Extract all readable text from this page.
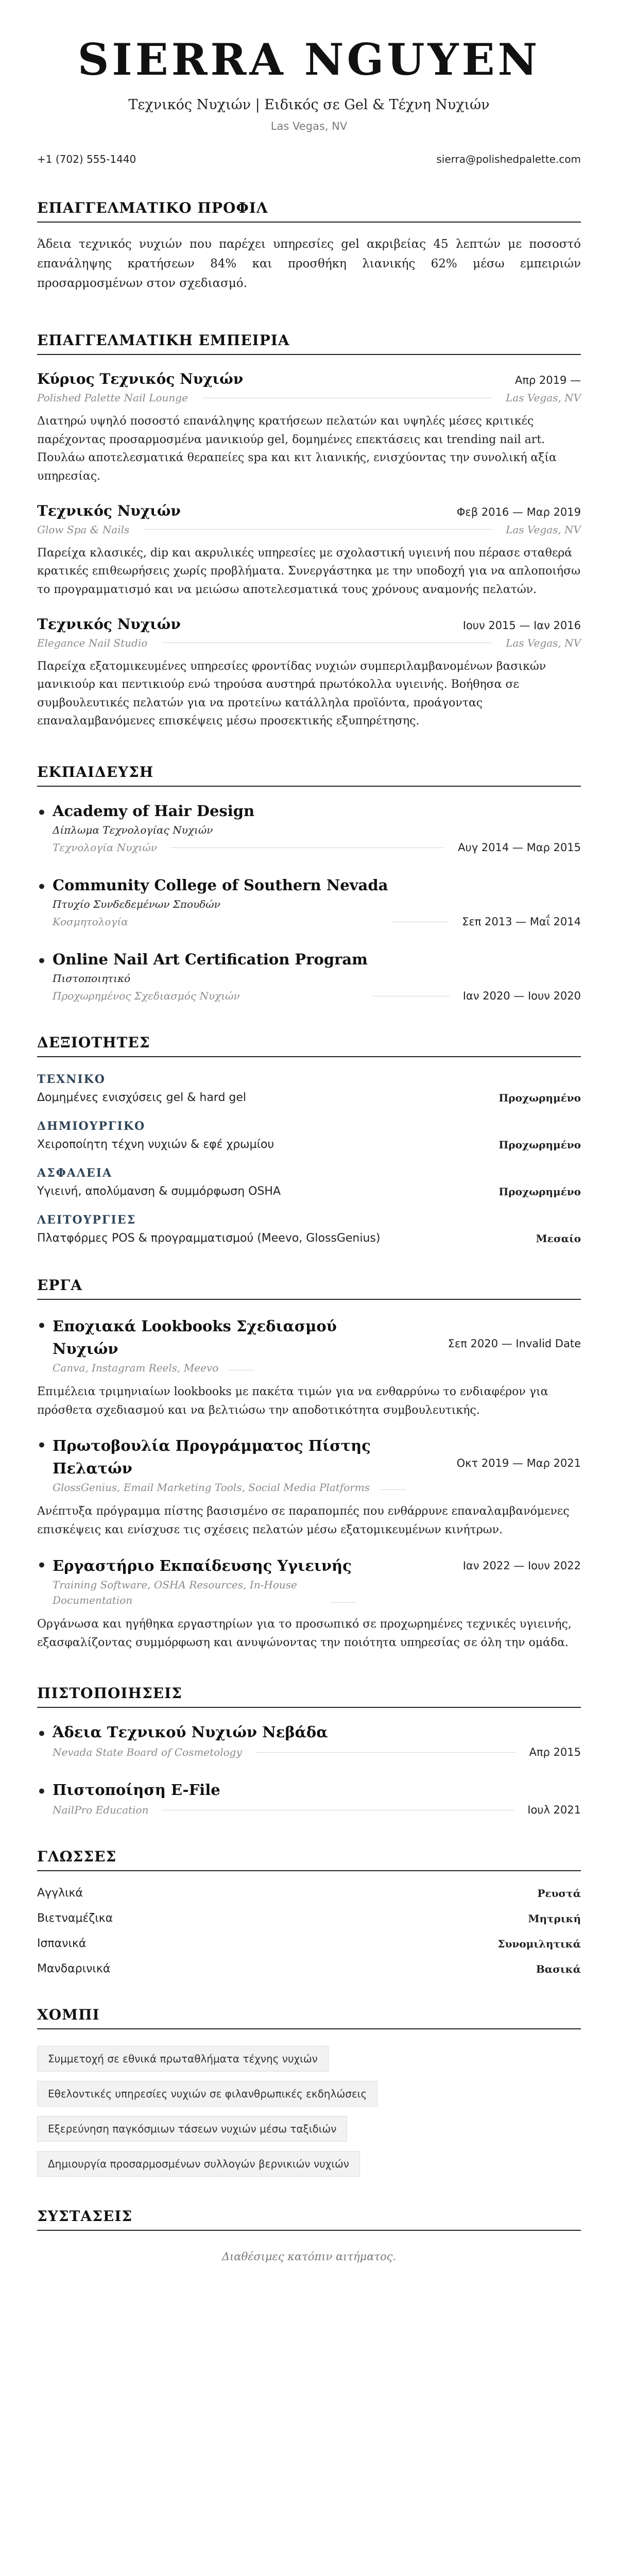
SIERRA NGUYEN
Τεχνικός Νυχιών | Ειδικός σε Gel & Τέχνη Νυχιών
Las Vegas, NV
+1 (702) 555-1440	sierra@polishedpalette.com
ΕΠΑΓΓΕΛΜΑΤΙΚΟ ΠΡΟΦΙΛ
Άδεια τεχνικός νυχιών που παρέχει υπηρεσίες gel ακριβείας 45 λεπτών με ποσοστό επανάληψης κρατήσεων 84% και προσθήκη λιανικής 62% μέσω εμπειριών προσαρμοσμένων στον σχεδιασμό.
ΕΠΑΓΓΕΛΜΑΤΙΚΗ ΕΜΠΕΙΡΙΑ
Κύριος Τεχνικός Νυχιών	Απρ 2019 —
Polished Palette Nail Lounge	Las Vegas, NV
Διατηρώ υψηλό ποσοστό επανάληψης κρατήσεων πελατών και υψηλές μέσες κριτικές παρέχοντας προσαρμοσμένα μανικιούρ gel, δομημένες επεκτάσεις και trending nail art. Πουλάω αποτελεσματικά θεραπείες spa και κιτ λιανικής, ενισχύοντας την συνολική αξία υπηρεσίας.
Τεχνικός Νυχιών	Φεβ 2016 — Μαρ 2019
Glow Spa & Nails	Las Vegas, NV
Παρείχα κλασικές, dip και ακρυλικές υπηρεσίες με σχολαστική υγιεινή που πέρασε σταθερά κρατικές επιθεωρήσεις χωρίς προβλήματα. Συνεργάστηκα με την υποδοχή για να απλοποιήσω το προγραμματισμό και να μειώσω αποτελεσματικά τους χρόνους αναμονής πελατών.
Τεχνικός Νυχιών	Ιουν 2015 — Ιαν 2016
Elegance Nail Studio	Las Vegas, NV
Παρείχα εξατομικευμένες υπηρεσίες φροντίδας νυχιών συμπεριλαμβανομένων βασικών μανικιούρ και πεντικιούρ ενώ τηρούσα αυστηρά πρωτόκολλα υγιεινής. Βοήθησα σε συμβουλευτικές πελατών για να προτείνω κατάλληλα προϊόντα, προάγοντας επαναλαμβανόμενες επισκέψεις μέσω προσεκτικής εξυπηρέτησης.
ΕΚΠΑΙΔΕΥΣΗ
• Academy of Hair Design
Δίπλωμα Τεχνολογίας Νυχιών
Τεχνολογία Νυχιών	Αυγ 2014 — Μαρ 2015
• Community College of Southern Nevada
Πτυχίο Συνδεδεμένων Σπουδών
Κοσμητολογία	Σεπ 2013 — Μαΐ 2014
• Online Nail Art Certification Program
Πιστοποιητικό
Προχωρημένος Σχεδιασμός Νυχιών	Ιαν 2020 — Ιουν 2020
ΔΕΞΙΟΤΗΤΕΣ
ΤΕΧΝΙΚΟ
Δομημένες ενισχύσεις gel & hard gel	Προχωρημένο
ΔΗΜΙΟΥΡΓΙΚΟ
Χειροποίητη τέχνη νυχιών & εφέ χρωμίου	Προχωρημένο
ΑΣΦΑΛΕΙΑ
Υγιεινή, απολύμανση & συμμόρφωση OSHA	Προχωρημένο
ΛΕΙΤΟΥΡΓΙΕΣ
Πλατφόρμες POS & προγραμματισμού (Meevo, GlossGenius)	Μεσαίο
ΕΡΓΑ
• Εποχιακά Lookbooks Σχεδιασμού Νυχιών
Canva, Instagram Reels, Meevo
Σεπ 2020 — Invalid Date
Επιμέλεια τριμηνιαίων lookbooks με πακέτα τιμών για να ενθαρρύνω το ενδιαφέρον για πρόσθετα σχεδιασμού και να βελτιώσω την αποδοτικότητα συμβουλευτικής.
• Πρωτοβουλία Προγράμματος Πίστης Πελατών
GlossGenius, Email Marketing Tools, Social Media Platforms
Οκτ 2019 — Μαρ 2021
Ανέπτυξα πρόγραμμα πίστης βασισμένο σε παραπομπές που ενθάρρυνε επαναλαμβανόμενες επισκέψεις και ενίσχυσε τις σχέσεις πελατών μέσω εξατομικευμένων κινήτρων.
• Εργαστήριο Εκπαίδευσης Υγιεινής
Training Software, OSHA Resources, In-House Documentation
Ιαν 2022 — Ιουν 2022
Οργάνωσα και ηγήθηκα εργαστηρίων για το προσωπικό σε προχωρημένες τεχνικές υγιεινής, εξασφαλίζοντας συμμόρφωση και ανυψώνοντας την ποιότητα υπηρεσίας σε όλη την ομάδα.
ΠΙΣΤΟΠΟΙΗΣΕΙΣ
• Άδεια Τεχνικού Νυχιών Νεβάδα
Nevada State Board of Cosmetology	Απρ 2015
• Πιστοποίηση E-File
NailPro Education	Ιουλ 2021
ΓΛΩΣΣΕΣ
Αγγλικά	Ρευστά
Βιετναμέζικα	Μητρική
Ισπανικά	Συνομιλητικά
Μανδαρινικά	Βασικά
ΧΟΜΠΙ
Συμμετοχή σε εθνικά πρωταθλήματα τέχνης νυχιών
Εθελοντικές υπηρεσίες νυχιών σε φιλανθρωπικές εκδηλώσεις
Εξερεύνηση παγκόσμιων τάσεων νυχιών μέσω ταξιδιών
Δημιουργία προσαρμοσμένων συλλογών βερνικιών νυχιών
ΣΥΣΤΑΣΕΙΣ
Διαθέσιμες κατόπιν αιτήματος.
